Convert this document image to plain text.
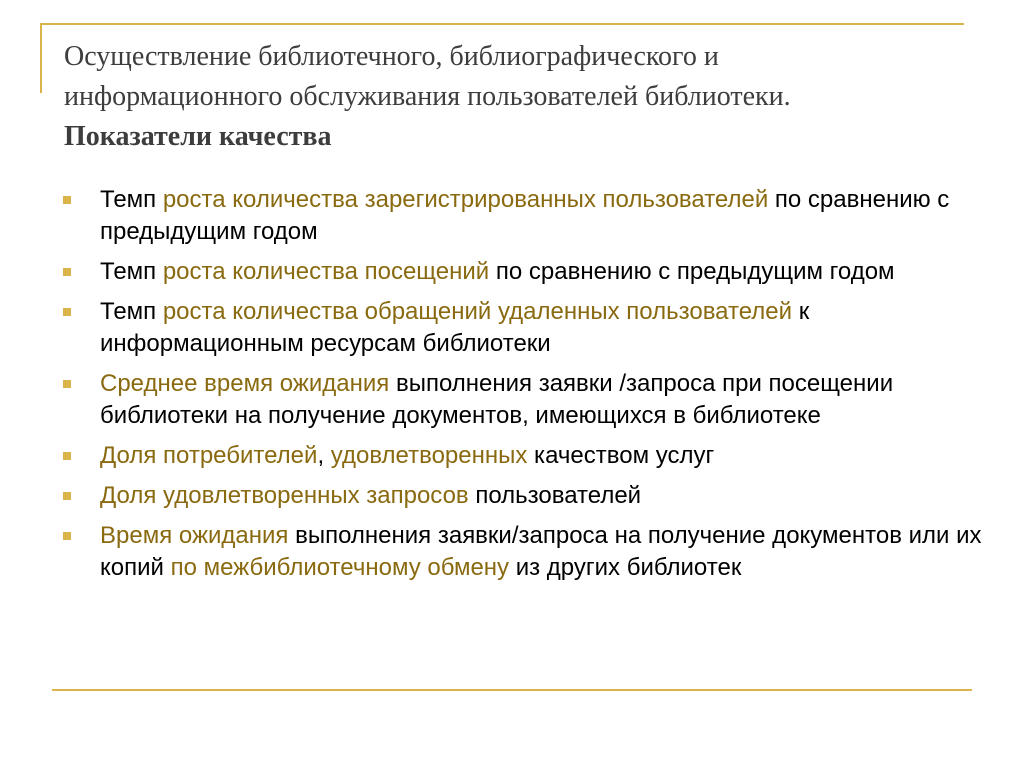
Осуществление библиотечного, библиографического и
информационного обслуживания пользователей библиотеки.
Показатели качества
Темп роста количества зарегистрированных пользователей по сравнению с предыдущим годом
Темп роста количества посещений по сравнению с предыдущим годом
Темп роста количества обращений удаленных пользователей к информационным ресурсам библиотеки
Среднее время ожидания выполнения заявки /запроса при посещении библиотеки на получение документов, имеющихся в библиотеке
Доля потребителей, удовлетворенных качеством услуг
Доля удовлетворенных запросов пользователей
Время ожидания выполнения заявки/запроса на получение документов или их копий по межбиблиотечному обмену из других библиотек
